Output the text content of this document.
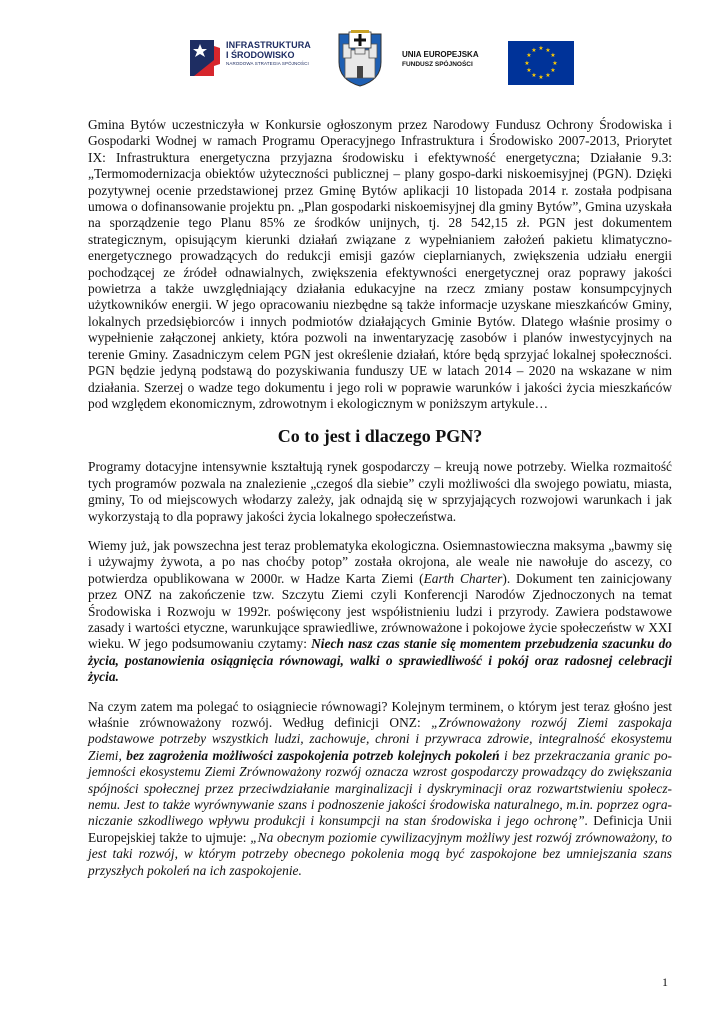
INFRASTRUKTURA
I ŚRODOWISKO
NARODOWA STRATEGIA SPÓJNOŚCI
UNIA EUROPEJSKA
FUNDUSZ SPÓJNOŚCI
★ ★
★
★
★
★
★
★
★
★
★
★

Gmina Bytów uczestniczyła w Konkursie ogłoszonym przez Narodowy Fundusz Ochrony Środowiska i Gospodarki Wodnej w ramach Programu Operacyjnego Infrastruktura i Środowisko 2007-2013, Priorytet IX: Infrastruktura energetyczna przyjazna środowisku i efektywność energetyczna; Działanie 9.3: „Termomodernizacja obiektów użyteczności publicznej – plany gospo-darki niskoemisyjnej (PGN). Dzięki pozytywnej ocenie przedstawionej przez Gminę Bytów aplikacji 10 listopada 2014 r. została podpisana umowa o dofinansowanie projektu pn. „Plan gospodarki niskoemisyjnej dla gminy Bytów”, Gmina uzyskała na sporządzenie tego Planu 85% ze środków unijnych, tj. 28 542,15 zł. PGN jest dokumentem strategicznym, opisującym kierunki działań związane z wypełnianiem założeń pakietu klimatyczno-energetycznego prowadzących do redukcji emisji gazów cieplarnianych, zwiększenia udziału energii pochodzącej ze źródeł odnawialnych, zwiększenia efektywności energetycznej oraz poprawy jakości powietrza a także uwzględniający działania edukacyjne na rzecz zmiany postaw konsumpcyjnych użytkowników energii. W jego opracowaniu niezbędne są także informacje uzyskane mieszkańców Gminy, lokalnych przedsiębiorców i innych podmiotów działających Gminie Bytów. Dlatego właśnie prosimy o wypełnienie załączonej ankiety, która pozwoli na inwentaryzację zasobów i planów inwestycyjnych na terenie Gminy. Zasadniczym celem PGN jest określenie działań, które będą sprzyjać lokalnej społeczności. PGN będzie jedyną podstawą do pozyskiwania funduszy UE w latach 2014 – 2020 na wskazane w nim działania. Szerzej o wadze tego dokumentu i jego roli w poprawie warunków i jakości życia mieszkańców pod względem ekonomicznym, zdrowotnym i ekologicznym w poniższym artykule…

Co to jest i dlaczego PGN?

Programy dotacyjne intensywnie kształtują rynek gospodarczy – kreują nowe potrzeby. Wielka rozmaitość tych programów pozwala na znalezienie „czegoś dla siebie” czyli możliwości dla swojego powiatu, miasta, gminy, To od miejscowych włodarzy zależy, jak odnajdą się w sprzyjających rozwojowi warunkach i jak wykorzystają to dla poprawy jakości życia lokalnego społeczeństwa.

Wiemy już, jak powszechna jest teraz problematyka ekologiczna. Osiemnastowieczna maksyma „bawmy się i używajmy żywota, a po nas choćby potop” została okrojona, ale weale nie nawołuje do ascezy, co potwierdza opublikowana w 2000r. w Hadze Karta Ziemi (Earth Charter). Dokument ten zainicjowany przez ONZ na zakończenie tzw. Szczytu Ziemi czyli Konferencji Narodów Zjednoczonych na temat Środowiska i Rozwoju w 1992r. poświęcony jest współistnieniu ludzi i przyrody. Zawiera podstawowe zasady i wartości etyczne, warunkujące sprawiedliwe, zrównoważone i pokojowe życie społeczeństw w XXI wieku. W jego podsumowaniu czytamy: Niech nasz czas stanie się momentem przebudzenia szacunku do życia, postanowienia osiągnięcia równowagi, walki o sprawiedliwość i pokój oraz radosnej celebracji życia.

Na czym zatem ma polegać to osiągniecie równowagi? Kolejnym terminem, o którym jest teraz głośno jest właśnie zrównoważony rozwój. Według definicji ONZ: „Zrównoważony rozwój Ziemi zaspokaja podstawowe potrzeby wszystkich ludzi, zachowuje, chroni i przywraca zdrowie, integralność ekosystemu Ziemi, bez zagrożenia możliwości zaspokojenia potrzeb kolejnych pokoleń i bez przekraczania granic po-jemności ekosystemu Ziemi Zrównoważony rozwój oznacza wzrost gospodarczy prowadzący do zwiększania spójności społecznej przez przeciwdziałanie marginalizacji i dyskryminacji oraz rozwartstwieniu społecz-nemu. Jest to także wyrównywanie szans i podnoszenie jakości środowiska naturalnego, m.in. poprzez ogra-niczanie szkodliwego wpływu produkcji i konsumpcji na stan środowiska i jego ochronę”. Definicja Unii Europejskiej także to ujmuje: „Na obecnym poziomie cywilizacyjnym możliwy jest rozwój zrównoważony, to jest taki rozwój, w którym potrzeby obecnego pokolenia mogą być zaspokojone bez umniejszania szans przyszłych pokoleń na ich zaspokojenie.

1
